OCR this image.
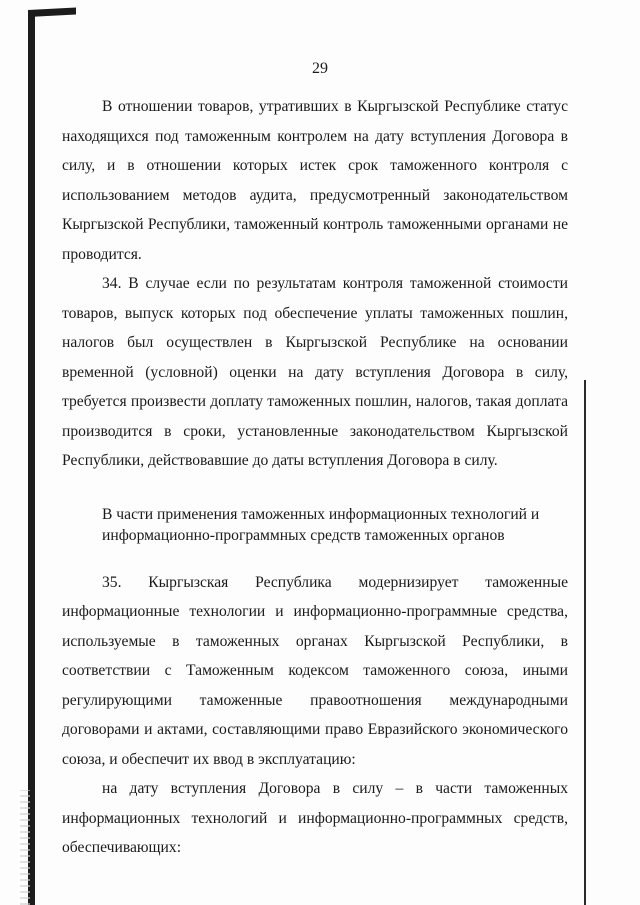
29

В отношении товаров, утративших в Кыргызской Республике статус находящихся под таможенным контролем на дату вступления Договора в силу, и в отношении которых истек срок таможенного контроля с использованием методов аудита, предусмотренный законодательством Кыргызской Республики, таможенный контроль таможенными органами не проводится.

34. В случае если по результатам контроля таможенной стоимости товаров, выпуск которых под обеспечение уплаты таможенных пошлин, налогов был осуществлен в Кыргызской Республике на основании временной (условной) оценки на дату вступления Договора в силу, требуется произвести доплату таможенных пошлин, налогов, такая доплата производится в сроки, установленные законодательством Кыргызской Республики, действовавшие до даты вступления Договора в силу.

В части применения таможенных информационных технологий и информационно-программных средств таможенных органов

35. Кыргызская Республика модернизирует таможенные информационные технологии и информационно-программные средства, используемые в таможенных органах Кыргызской Республики, в соответствии с Таможенным кодексом таможенного союза, иными регулирующими таможенные правоотношения международными договорами и актами, составляющими право Евразийского экономического союза, и обеспечит их ввод в эксплуатацию:

на дату вступления Договора в силу – в части таможенных информационных технологий и информационно-программных средств, обеспечивающих:
